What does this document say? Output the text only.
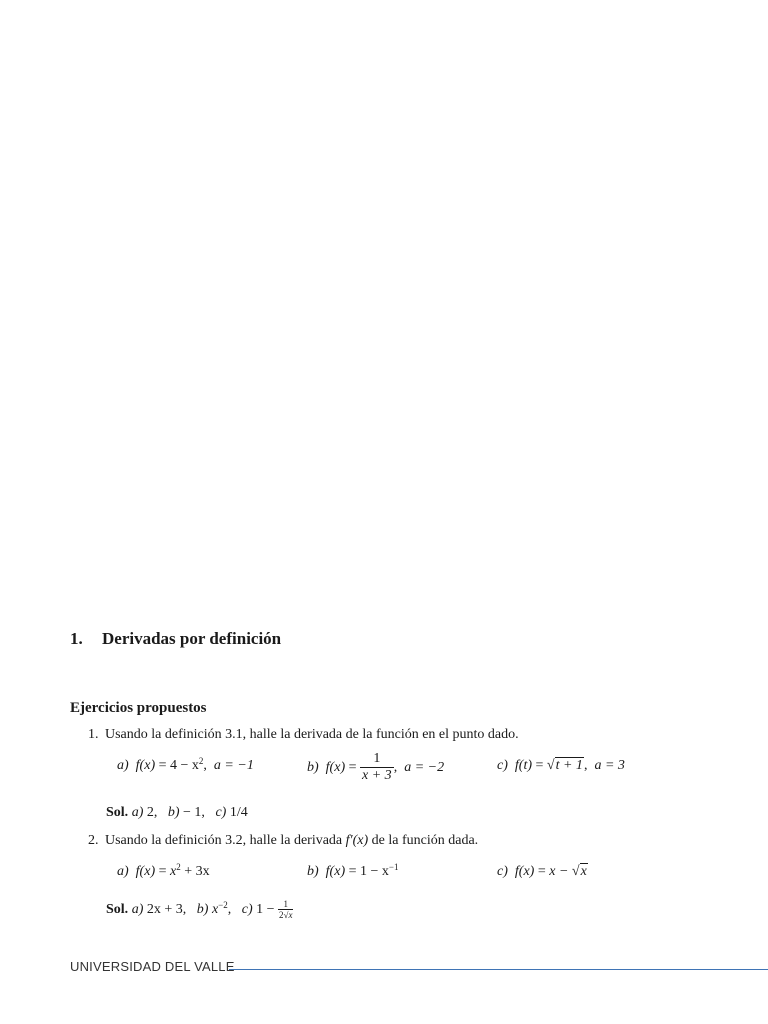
1. Derivadas por definición
Ejercicios propuestos
1. Usando la definición 3.1, halle la derivada de la función en el punto dado.
a) $f(x) = 4 - x^2$,  a = −1	b) $f(x) = \frac{1}{x + 3}$ ,  a = −2	c) f(t) = √t + 1,  a = 3
Sol. a) 2, b) − 1, c) 1/4
2. Usando la definición 3.2, halle la derivada f′(x) de la función dada.
a) $f(x) = x^2 + 3x$	b) $f(x) = 1 - x^{-1}$	c) f(x) = x − √x
Sol. a) 2x + 3, b) $x^{-2}$, c) $1 - \frac{1}{2√x}$
UNIVERSIDAD DEL VALLE
